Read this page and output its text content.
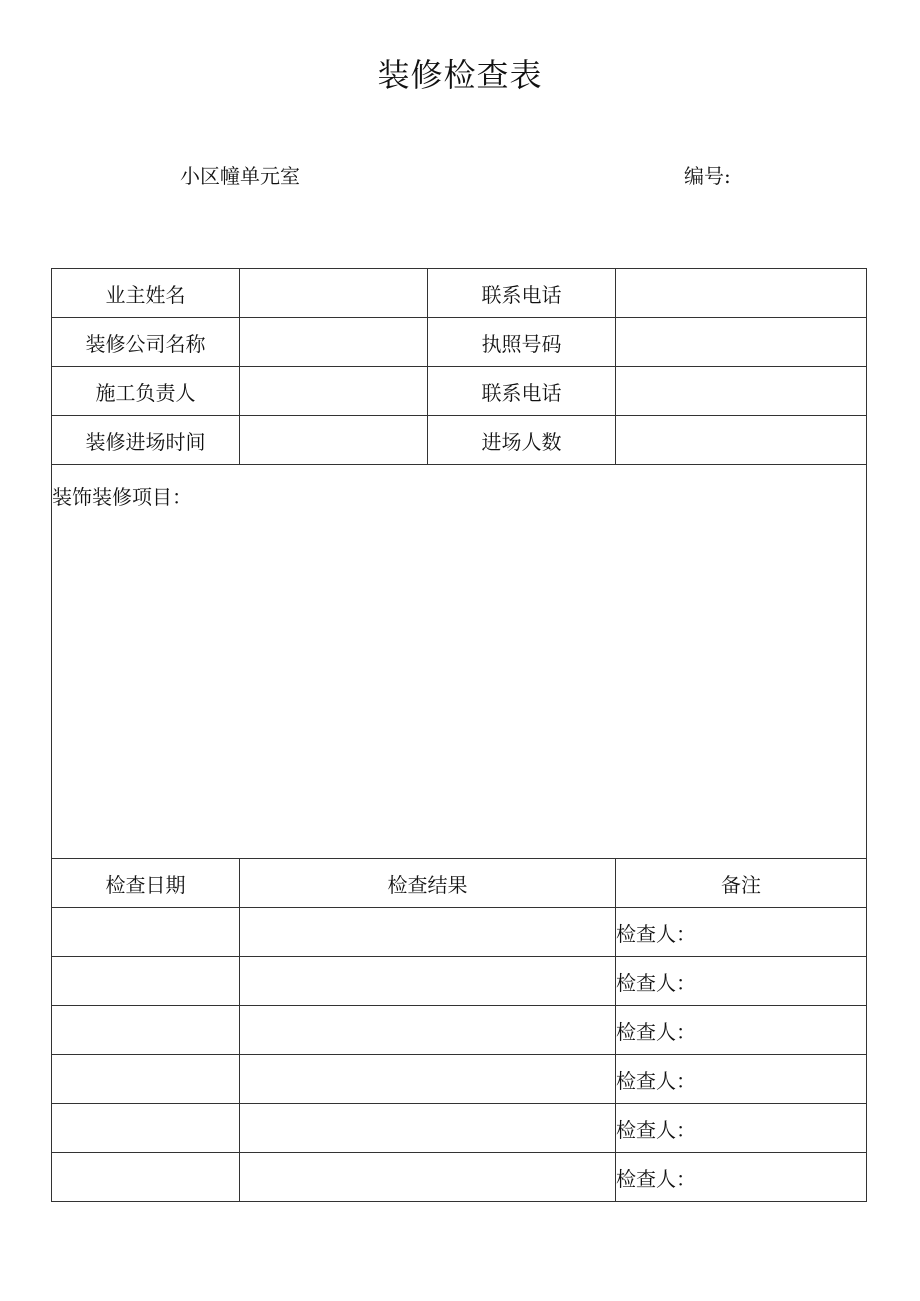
装修检查表
小区幢单元室	编号:
业主姓名		联系电话	
装修公司名称		执照号码	
施工负责人		联系电话	
装修进场时间		进场人数	
装饰装修项目：			
检查日期	检查结果		备注
			检查人：
			检查人：
			检查人：
			检查人：
			检查人：
			检查人：
